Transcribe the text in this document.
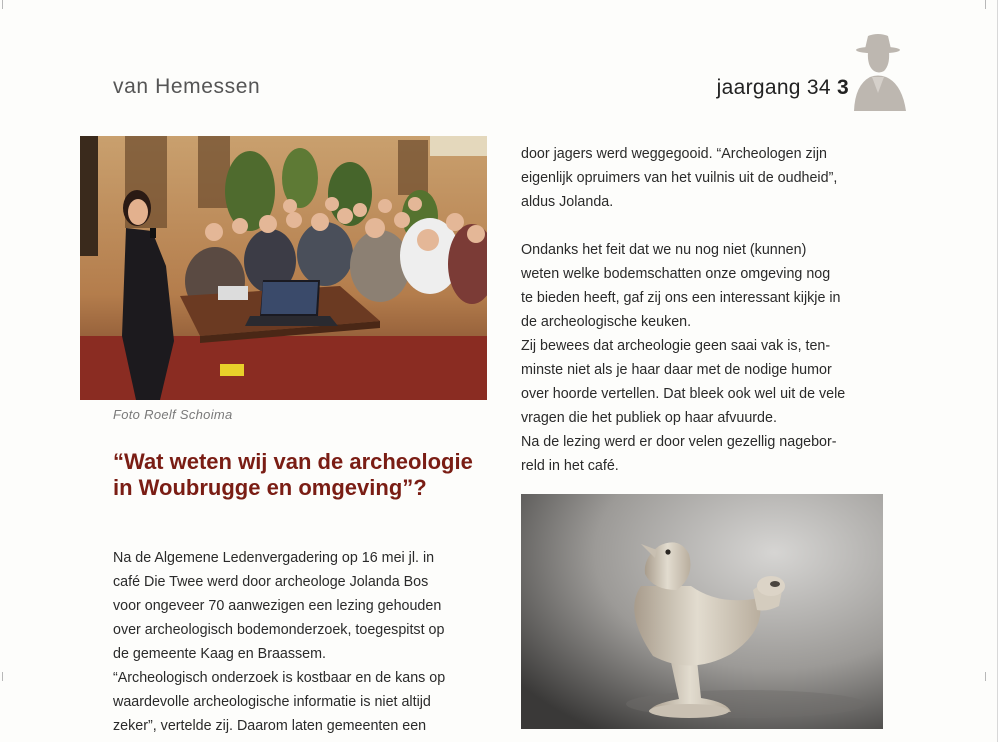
van Hemessen	jaargang 34 3
Foto Roelf Schoima
“Wat weten wij van de archeologie in Woubrugge en omgeving”?

Na de Algemene Ledenvergadering op 16 mei jl. in

café Die Twee werd door archeologe Jolanda Bos

voor ongeveer 70 aanwezigen een lezing gehouden

over archeologisch bodemonderzoek, toegespitst op

de gemeente Kaag en Braassem.

“Archeologisch onderzoek is kostbaar en de kans op

waardevolle archeologische informatie is niet altijd

zeker”, vertelde zij. Daarom laten gemeenten een

door jagers werd weggegooid. “Archeologen zijn

eigenlijk opruimers van het vuilnis uit de oudheid”,

aldus Jolanda.

Ondanks het feit dat we nu nog niet (kunnen)

weten welke bodemschatten onze omgeving nog

te bieden heeft, gaf zij ons een interessant kijkje in

de archeologische keuken.

Zij bewees dat archeologie geen saai vak is, ten-

minste niet als je haar daar met de nodige humor

over hoorde vertellen. Dat bleek ook wel uit de vele

vragen die het publiek op haar afvuurde.

Na de lezing werd er door velen gezellig nagebor-

reld in het café.
